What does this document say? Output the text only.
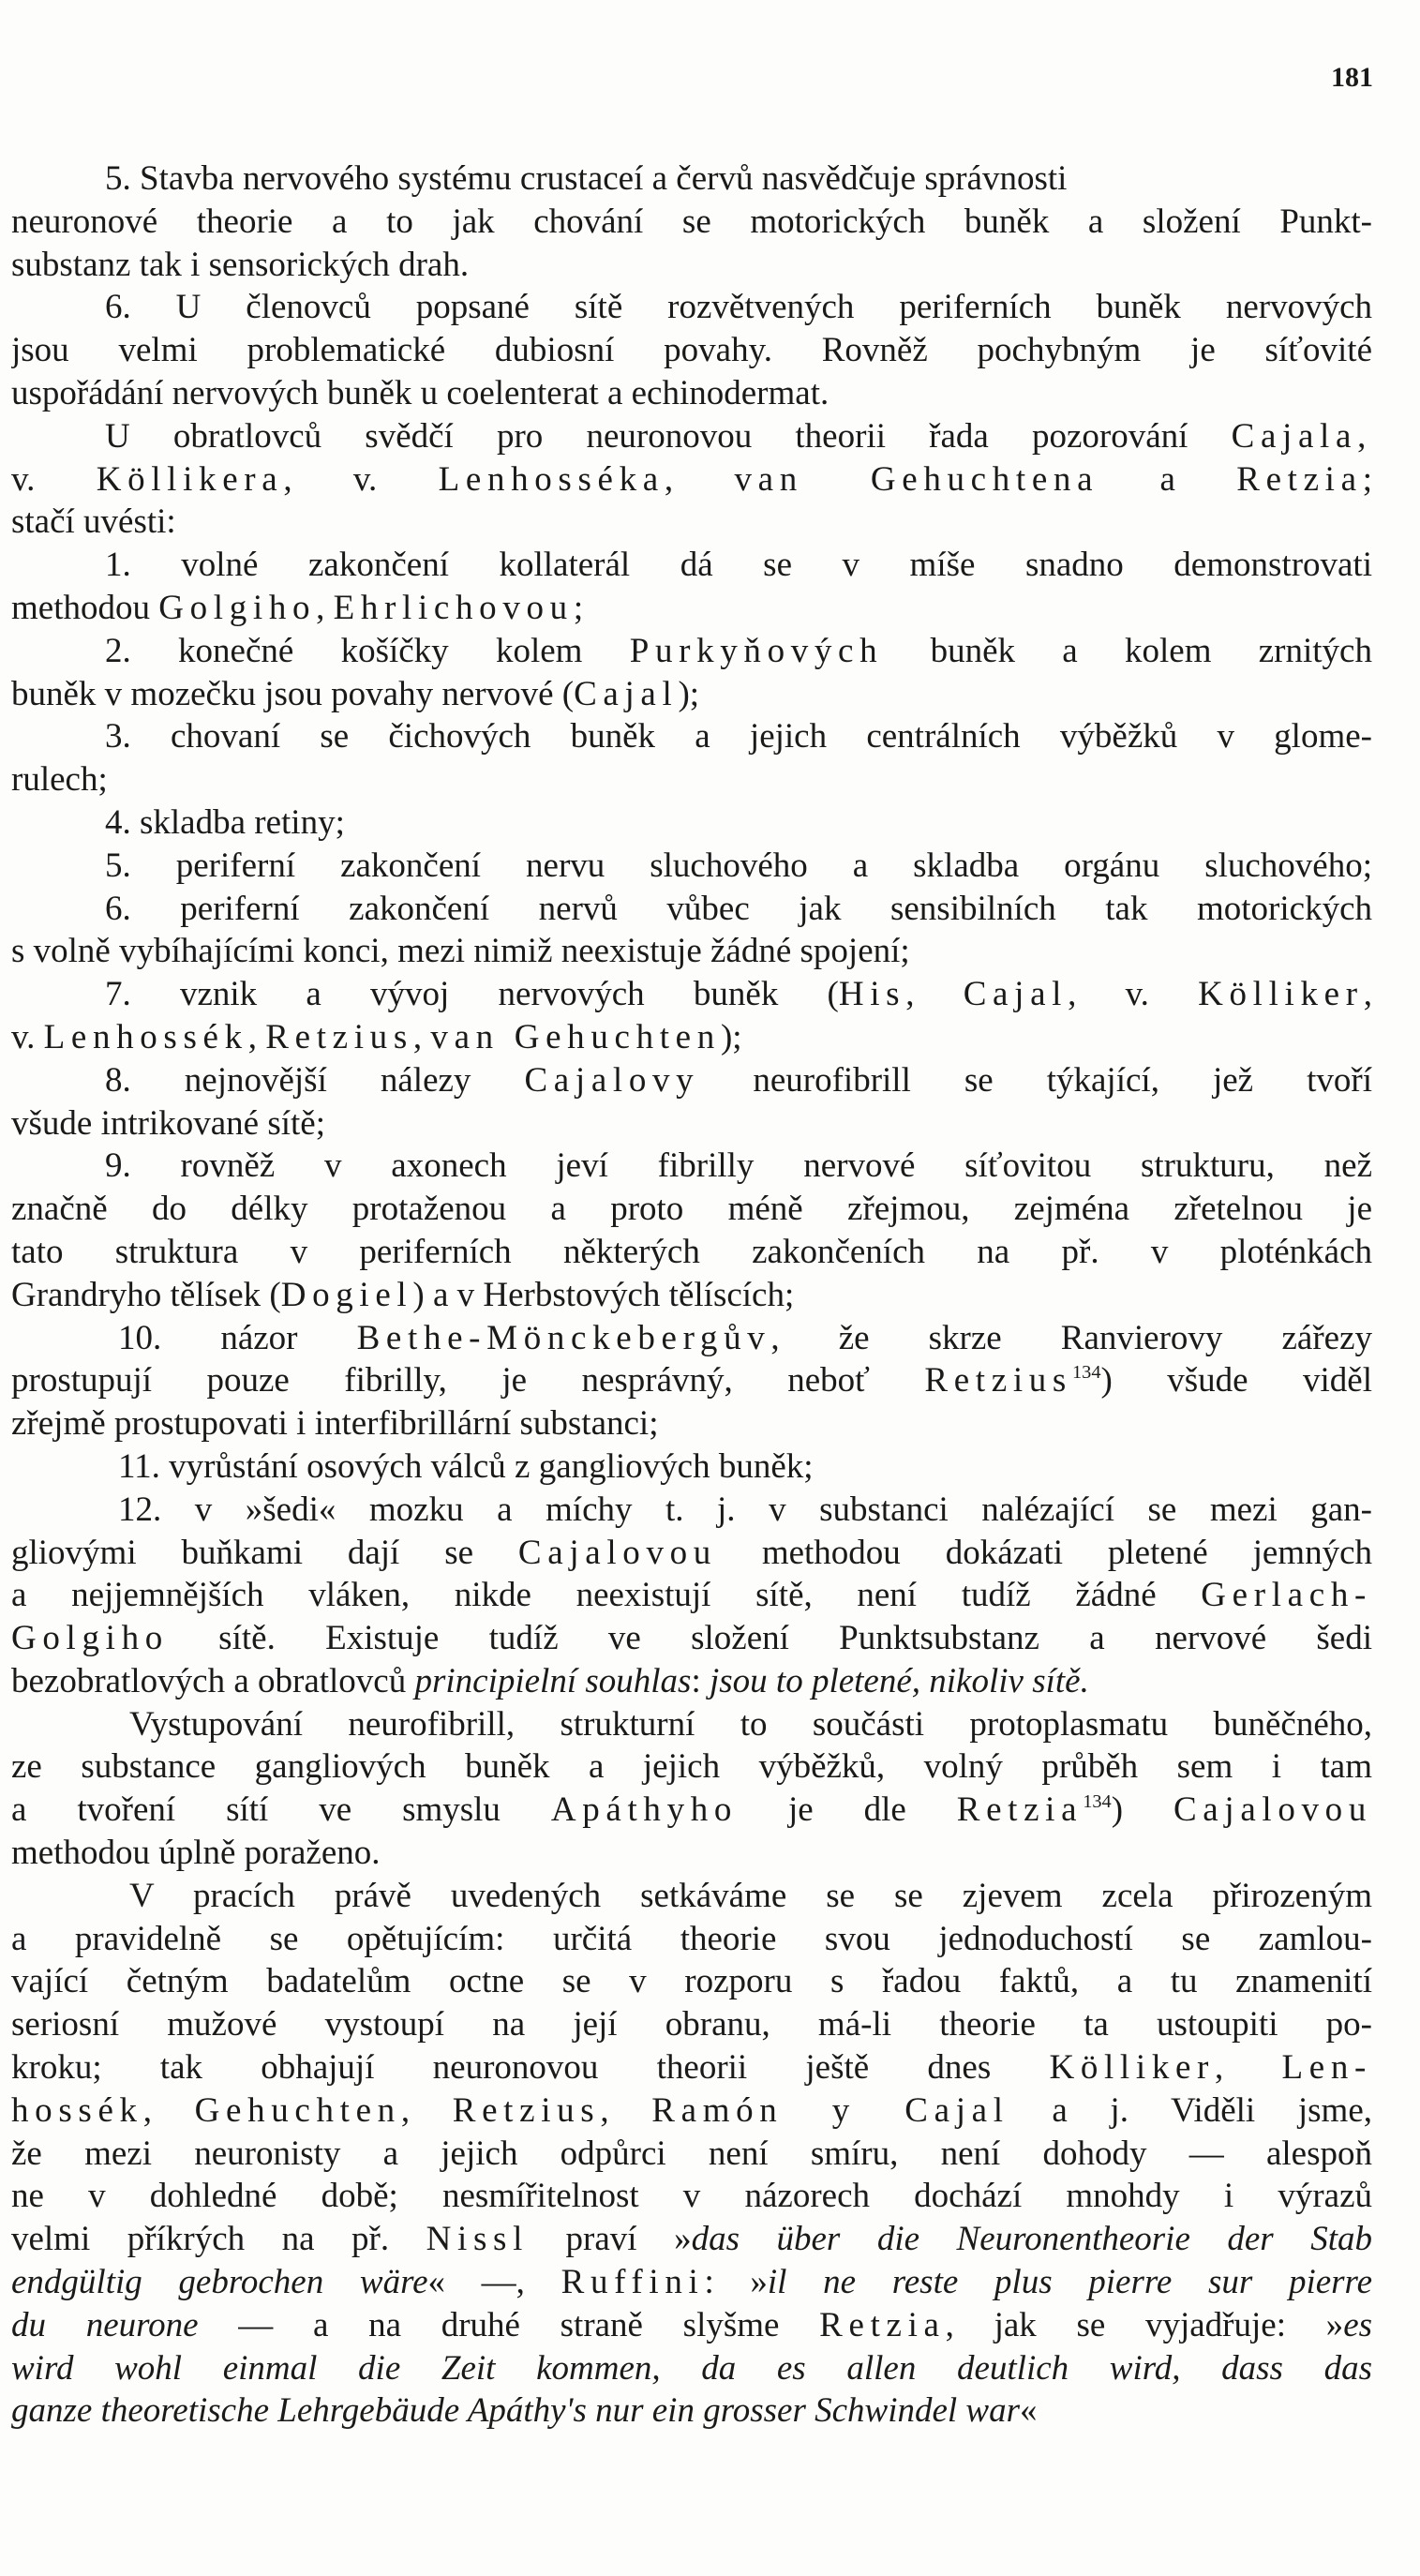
181
5. Stavba nervového systému crustaceí a červů nasvědčuje správnosti
neuronové theorie a to jak chování se motorických buněk a složení Punkt-
substanz tak i sensorických drah.
6. U členovců popsané sítě rozvětvených periferních buněk nervových
jsou velmi problematické dubiosní povahy. Rovněž pochybným je síťovité
uspořádání nervových buněk u coelenterat a echinodermat.
U obratlovců svědčí pro neuronovou theorii řada pozorování Cajala,
v. Köllikera, v. Lenhosséka, van Gehuchtena a Retzia;
stačí uvésti:
1. volné zakončení kollaterál dá se v míše snadno demonstrovati
methodou Golgiho, Ehrlichovou;
2. konečné košíčky kolem Purkyňových buněk a kolem zrnitých
buněk v mozečku jsou povahy nervové (Cajal);
3. chovaní se čichových buněk a jejich centrálních výběžků v glome-
rulech;
4. skladba retiny;
5. periferní zakončení nervu sluchového a skladba orgánu sluchového;
6. periferní zakončení nervů vůbec jak sensibilních tak motorických
s volně vybíhajícími konci, mezi nimiž neexistuje žádné spojení;
7. vznik a vývoj nervových buněk (His, Cajal, v. Kölliker,
v. Lenhossék, Retzius, van Gehuchten);
8. nejnovější nálezy Cajalovy neurofibrill se týkající, jež tvoří
všude intrikované sítě;
9. rovněž v axonech jeví fibrilly nervové síťovitou strukturu, než
značně do délky protaženou a proto méně zřejmou, zejména zřetelnou je
tato struktura v periferních některých zakončeních na př. v ploténkách
Grandryho tělísek (Dogiel) a v Herbstových tělíscích;
10. názor Bethe-Mönckebergův, že skrze Ranvierovy zářezy
prostupují pouze fibrilly, je nesprávný, neboť Retzius$^{134}$) všude viděl
zřejmě prostupovati i interfibrillární substanci;
11. vyrůstání osových válců z gangliových buněk;
12. v »šedi« mozku a míchy t. j. v substanci nalézající se mezi gan-
gliovými buňkami dají se Cajalovou methodou dokázati pletené jemných
a nejjemnějších vláken, nikde neexistují sítě, není tudíž žádné Gerlach-
Golgiho sítě. Existuje tudíž ve složení Punktsubstanz a nervové šedi
bezobratlových a obratlovců principielní souhlas: jsou to pletené, nikoliv sítě.
Vystupování neurofibrill, strukturní to součásti protoplasmatu buněčného,
ze substance gangliových buněk a jejich výběžků, volný průběh sem i tam
a tvoření sítí ve smyslu Apáthyho je dle Retzia$^{134}$) Cajalovou
methodou úplně poraženo.
V pracích právě uvedených setkáváme se se zjevem zcela přirozeným
a pravidelně se opětujícím: určitá theorie svou jednoduchostí se zamlou-
vající četným badatelům octne se v rozporu s řadou faktů, a tu znamenití
seriosní mužové vystoupí na její obranu, má-li theorie ta ustoupiti po-
kroku; tak obhajují neuronovou theorii ještě dnes Kölliker, Len-
hossék, Gehuchten, Retzius, Ramón y Cajal a j. Viděli jsme,
že mezi neuronisty a jejich odpůrci není smíru, není dohody — alespoň
ne v dohledné době; nesmířitelnost v názorech dochází mnohdy i výrazů
velmi příkrých na př. Nissl praví »das über die Neuronentheorie der Stab
endgültig gebrochen wäre« —, Ruffini: »il ne reste plus pierre sur pierre
du neurone — a na druhé straně slyšme Retzia, jak se vyjadřuje: »es
wird wohl einmal die Zeit kommen, da es allen deutlich wird, dass das
ganze theoretische Lehrgebäude Apáthy's nur ein grosser Schwindel war«
